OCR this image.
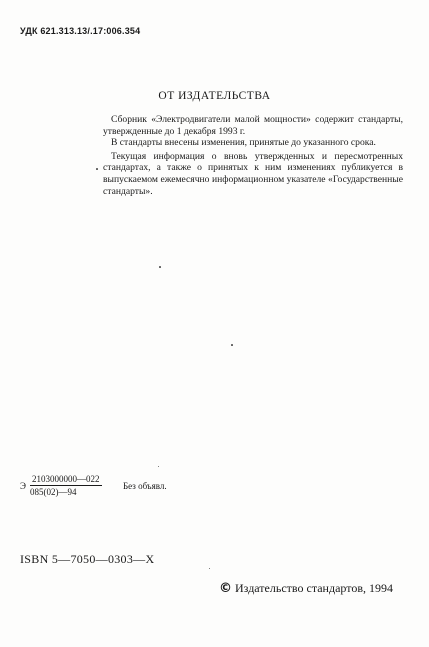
УДК 621.313.13/.17:006.354
ОТ ИЗДАТЕЛЬСТВА

Сборник «Электродвигатели малой мощности» содержит стандарты, утвержденные до 1 декабря 1993 г.

В стандарты внесены изменения, принятые до указанного срока.

Текущая информация о вновь утвержденных и пересмотренных стандартах, а также о принятых к ним изменениях публикуется в выпускаемом ежемесячно информационном указателе «Государственные стандарты».

Э $\frac{2103000000—022}{085(02)—94}$ Без объявл.
ISBN 5—7050—0303—X
© Издательство стандартов, 1994
